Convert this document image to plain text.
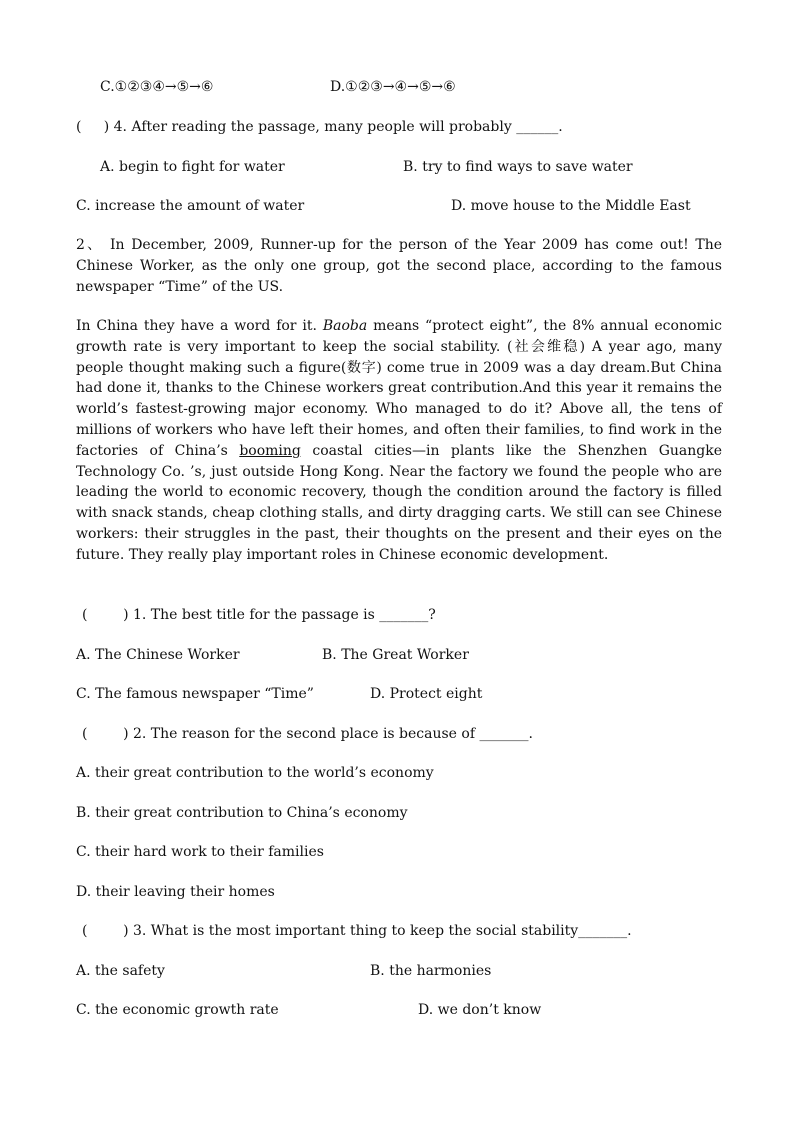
C.①②③④→⑤→⑥	D.①②③→④→⑤→⑥
( ) 4. After reading the passage, many people will probably ______.
A. begin to fight for water	B. try to find ways to save water
C. increase the amount of water	D. move house to the Middle East

2、 In December, 2009, Runner-up for the person of the Year 2009 has come out! The Chinese Worker, as the only one group, got the second place, according to the famous newspaper “Time” of the US.

In China they have a word for it. Baoba means “protect eight”, the 8% annual economic growth rate is very important to keep the social stability. (社会维稳) A year ago, many people thought making such a figure(数字) come true in 2009 was a day dream.But China had done it, thanks to the Chinese workers great contribution.And this year it remains the world’s fastest-growing major economy. Who managed to do it? Above all, the tens of millions of workers who have left their homes, and often their families, to find work in the factories of China’s booming coastal cities—in plants like the Shenzhen Guangke Technology Co. ’s, just outside Hong Kong. Near the factory we found the people who are leading the world to economic recovery, though the condition around the factory is filled with snack stands, cheap clothing stalls, and dirty dragging carts. We still can see Chinese workers: their struggles in the past, their thoughts on the present and their eyes on the future. They really play important roles in Chinese economic development.

(        ) 1. The best title for the passage is _______?
A. The Chinese Worker	B. The Great Worker
C. The famous newspaper “Time”	D. Protect eight
(        ) 2. The reason for the second place is because of _______.
A. their great contribution to the world’s economy
B. their great contribution to China’s economy
C. their hard work to their families
D. their leaving their homes
(        ) 3. What is the most important thing to keep the social stability_______.
A. the safety	B. the harmonies
C. the economic growth rate	D. we don’t know
